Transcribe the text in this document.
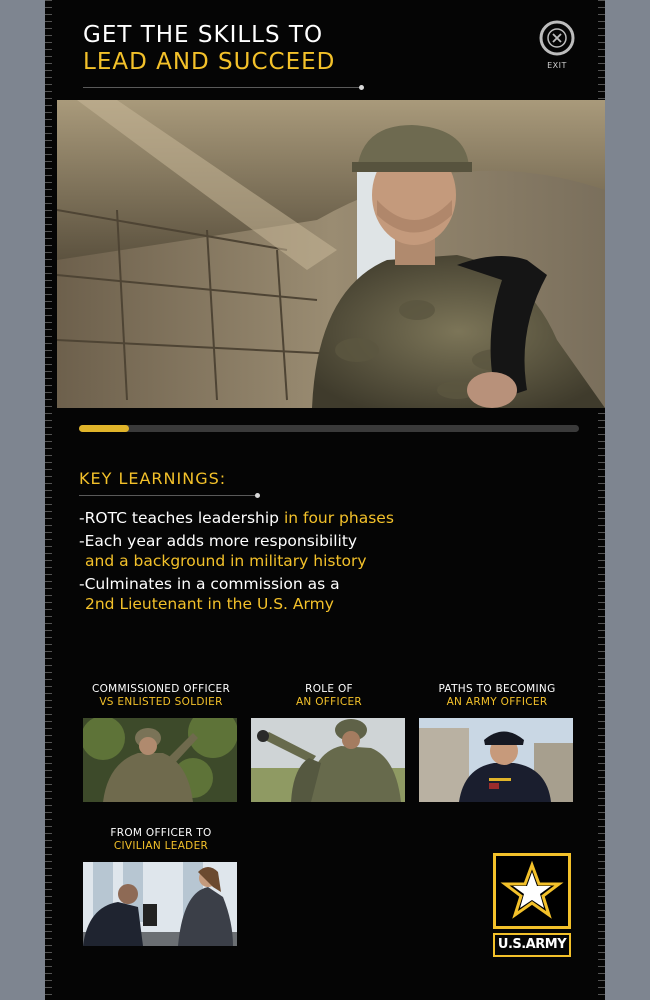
GET THE SKILLS TO
LEAD AND SUCCEED	EXIT
KEY LEARNINGS:
-ROTC teaches leadership in four phases
-Each year adds more responsibility
and a background in military history
-Culminates in a commission as a
2nd Lieutenant in the U.S. Army
COMMISSIONED OFFICER
VS ENLISTED SOLDIER
ROLE OF
AN OFFICER
PATHS TO BECOMING
AN ARMY OFFICER
FROM OFFICER TO
CIVILIAN LEADER
U.S.ARMY
